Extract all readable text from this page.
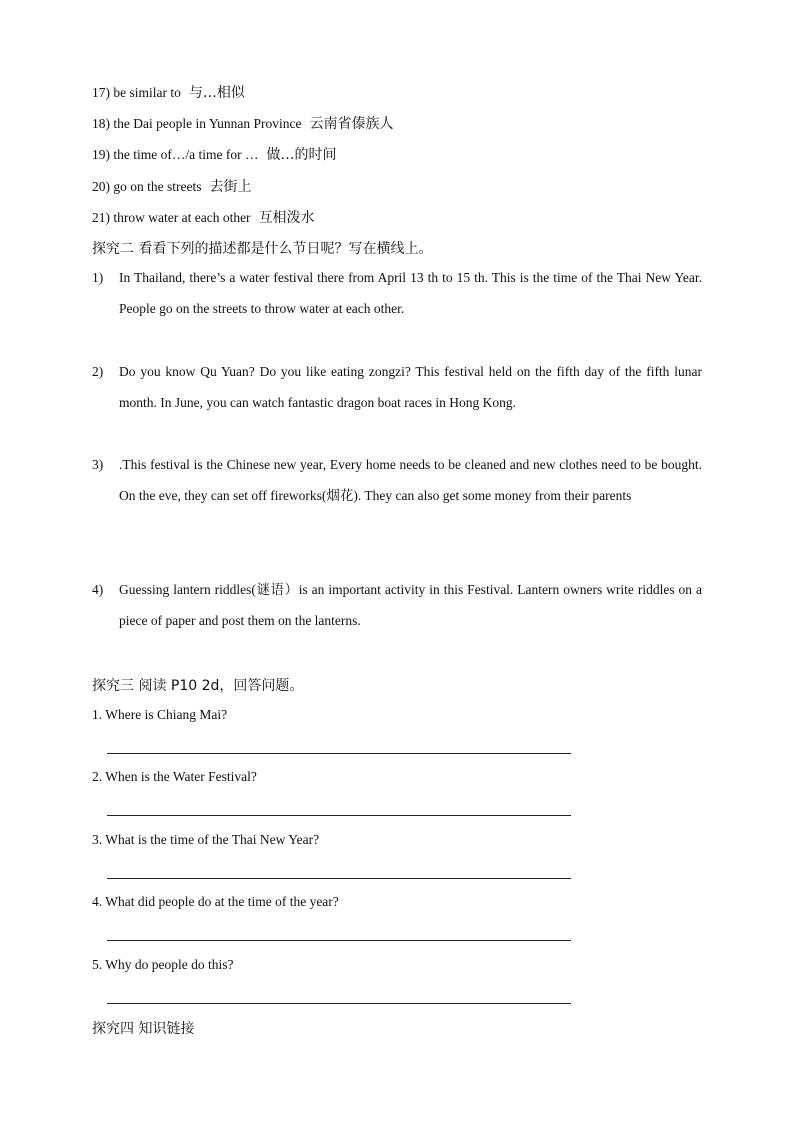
17) be similar to 与…相似
18) the Dai people in Yunnan Province 云南省傣族人
19) the time of…/a time for … 做…的时间
20) go on the streets 去街上
21) throw water at each other 互相泼水
探究二 看看下列的描述都是什么节日呢？写在横线上。
1) In Thailand, there’s a water festival there from April 13 th to 15 th. This is the time of the Thai New Year. People go on the streets to throw water at each other.
2) Do you know Qu Yuan? Do you like eating zongzi? This festival held on the fifth day of the fifth lunar month. In June, you can watch fantastic dragon boat races in Hong Kong.
3) .This festival is the Chinese new year, Every home needs to be cleaned and new clothes need to be bought. On the eve, they can set off fireworks(烟花). They can also get some money from their parents
4) Guessing lantern riddles(谜语）is an important activity in this Festival. Lantern owners write riddles on a piece of paper and post them on the lanterns.
探究三 阅读 P10 2d，回答问题。
1. Where is Chiang Mai?
2. When is the Water Festival?
3. What is the time of the Thai New Year?
4. What did people do at the time of the year?
5. Why do people do this?
探究四 知识链接
